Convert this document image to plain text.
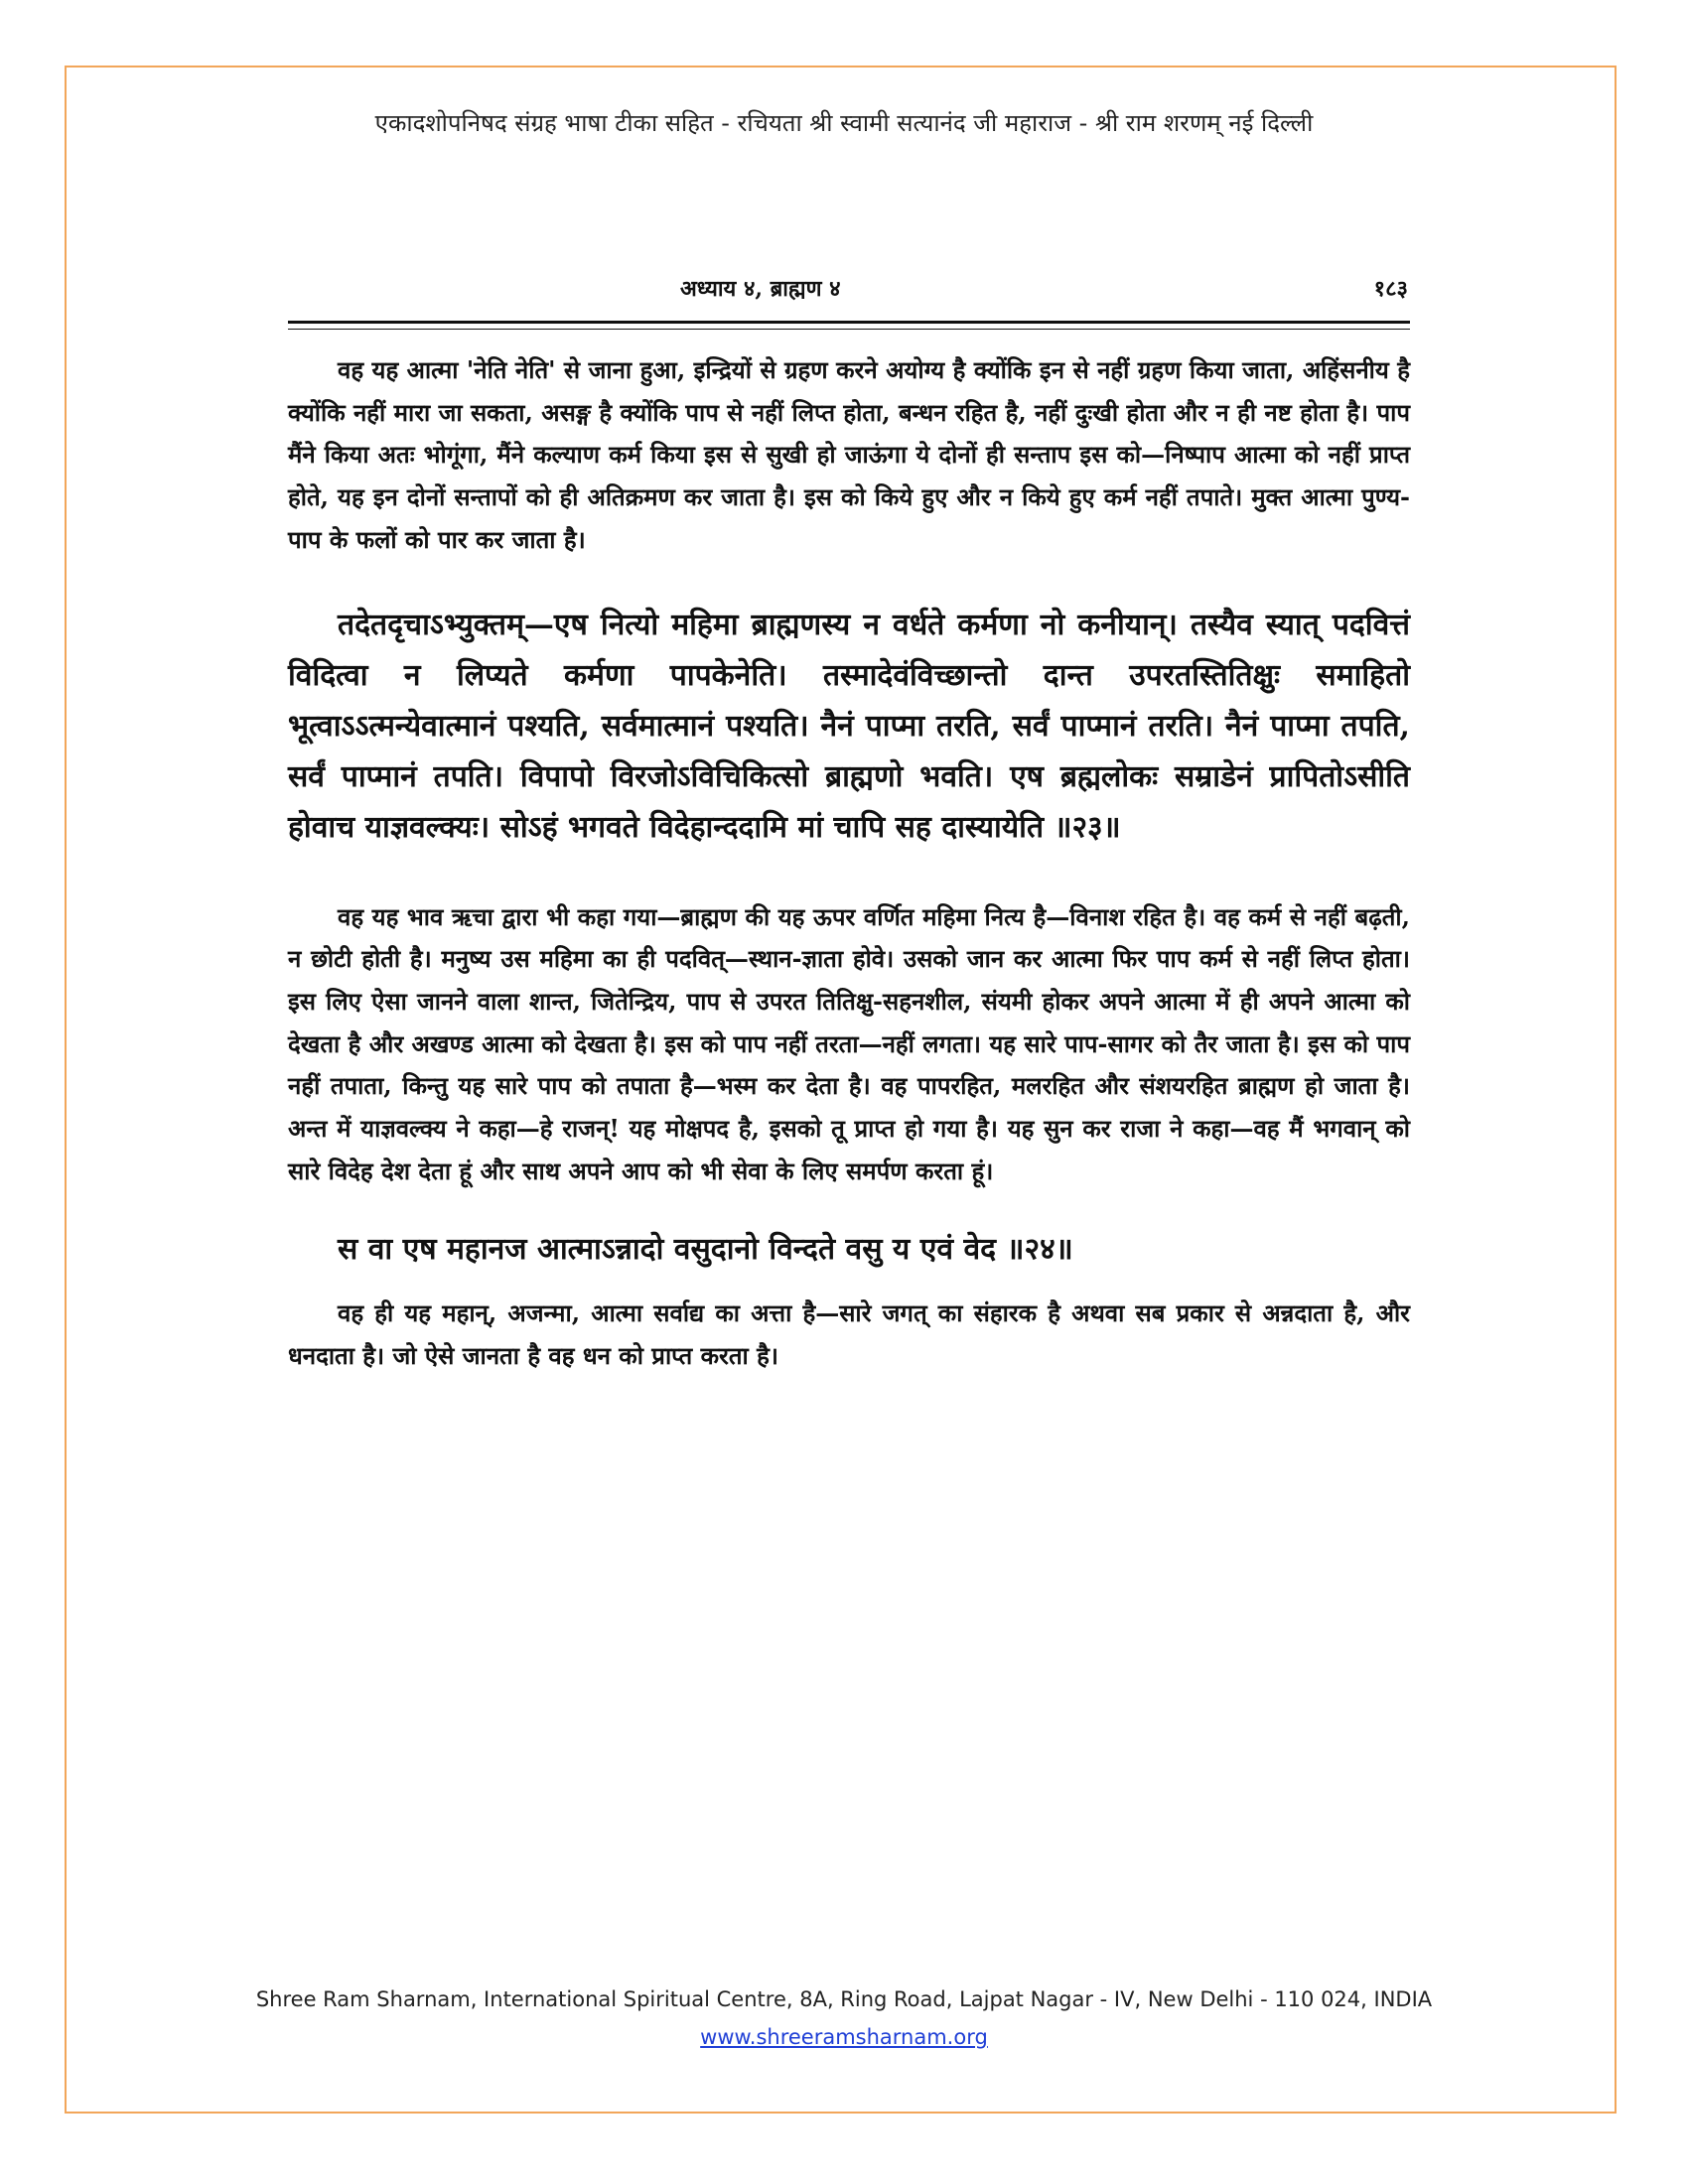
एकादशोपनिषद संग्रह भाषा टीका सहित - रचियता श्री स्वामी सत्यानंद जी महाराज - श्री राम शरणम् नई दिल्ली
अध्याय ४, ब्राह्मण ४	१८३

वह यह आत्मा 'नेति नेति' से जाना हुआ, इन्द्रियों से ग्रहण करने अयोग्य है क्योंकि इन से नहीं ग्रहण किया जाता, अहिंसनीय है क्योंकि नहीं मारा जा सकता, असङ्ग है क्योंकि पाप से नहीं लिप्त होता, बन्धन रहित है, नहीं दुःखी होता और न ही नष्ट होता है। पाप मैंने किया अतः भोगूंगा, मैंने कल्याण कर्म किया इस से सुखी हो जाऊंगा ये दोनों ही सन्ताप इस को—निष्पाप आत्मा को नहीं प्राप्त होते, यह इन दोनों सन्तापों को ही अतिक्रमण कर जाता है। इस को किये हुए और न किये हुए कर्म नहीं तपाते। मुक्त आत्मा पुण्य-पाप के फलों को पार कर जाता है।

तदेतदृचाऽभ्युक्तम्—एष नित्यो महिमा ब्राह्मणस्य न वर्धते कर्मणा नो कनीयान्। तस्यैव स्यात् पदवित्तं विदित्वा न लिप्यते कर्मणा पापकेनेति। तस्मादेवंविच्छान्तो दान्त उपरतस्तितिक्षुः समाहितो भूत्वाऽऽत्मन्येवात्मानं पश्यति, सर्वमात्मानं पश्यति। नैनं पाप्मा तरति, सर्वं पाप्मानं तरति। नैनं पाप्मा तपति, सर्वं पाप्मानं तपति। विपापो विरजोऽविचिकित्सो ब्राह्मणो भवति। एष ब्रह्मलोकः सम्राडेनं प्रापितोऽसीति होवाच याज्ञवल्क्यः। सोऽहं भगवते विदेहान्ददामि मां चापि सह दास्यायेति ॥२३॥

वह यह भाव ऋचा द्वारा भी कहा गया—ब्राह्मण की यह ऊपर वर्णित महिमा नित्य है—विनाश रहित है। वह कर्म से नहीं बढ़ती, न छोटी होती है। मनुष्य उस महिमा का ही पदवित्—स्थान-ज्ञाता होवे। उसको जान कर आत्मा फिर पाप कर्म से नहीं लिप्त होता। इस लिए ऐसा जानने वाला शान्त, जितेन्द्रिय, पाप से उपरत तितिक्षु-सहनशील, संयमी होकर अपने आत्मा में ही अपने आत्मा को देखता है और अखण्ड आत्मा को देखता है। इस को पाप नहीं तरता—नहीं लगता। यह सारे पाप-सागर को तैर जाता है। इस को पाप नहीं तपाता, किन्तु यह सारे पाप को तपाता है—भस्म कर देता है। वह पापरहित, मलरहित और संशयरहित ब्राह्मण हो जाता है। अन्त में याज्ञवल्क्य ने कहा—हे राजन्! यह मोक्षपद है, इसको तू प्राप्त हो गया है। यह सुन कर राजा ने कहा—वह मैं भगवान् को सारे विदेह देश देता हूं और साथ अपने आप को भी सेवा के लिए समर्पण करता हूं।

स वा एष महानज आत्माऽन्नादो वसुदानो विन्दते वसु य एवं वेद ॥२४॥

वह ही यह महान्, अजन्मा, आत्मा सर्वाद्य का अत्ता है—सारे जगत् का संहारक है अथवा सब प्रकार से अन्नदाता है, और धनदाता है। जो ऐसे जानता है वह धन को प्राप्त करता है।

Shree Ram Sharnam, International Spiritual Centre, 8A, Ring Road, Lajpat Nagar - IV, New Delhi - 110 024, INDIA
www.shreeramsharnam.org
